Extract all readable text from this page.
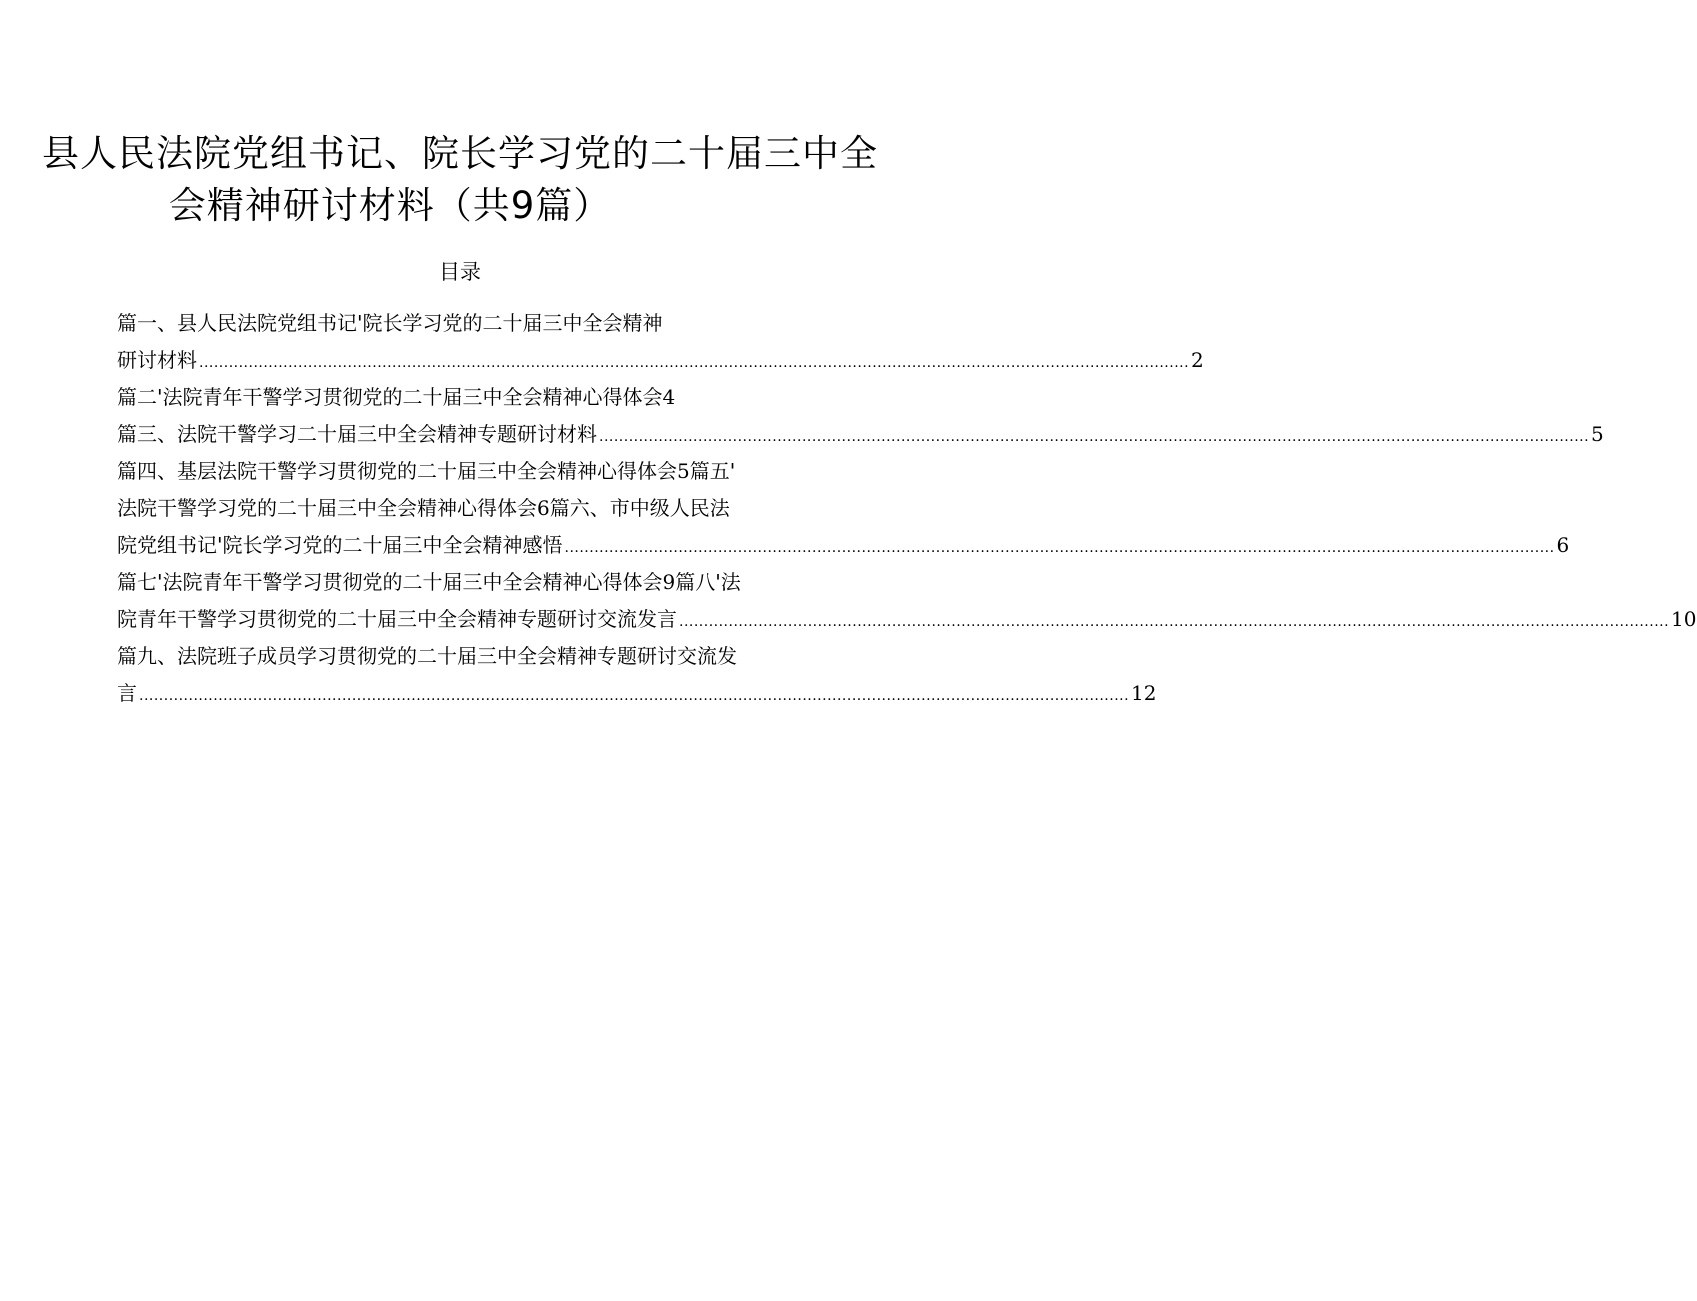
县人民法院党组书记、院长学习党的二十届三中全
会精神研讨材料（共9篇）
目录
篇一、县人民法院党组书记'院长学习党的二十届三中全会精神
研讨材料 ........................................................................................................................................................................................................ 2
篇二'法院青年干警学习贯彻党的二十届三中全会精神心得体会 4
篇三、法院干警学习二十届三中全会精神专题研讨材料 ........................................................................................................................................................................................................ 5
篇四、基层法院干警学习贯彻党的二十届三中全会精神心得体会 5 篇五'
法院干警学习党的二十届三中全会精神心得体会 6 篇六、市中级人民法
院党组书记'院长学习党的二十届三中全会精神感悟 ........................................................................................................................................................................................................ 6
篇七'法院青年干警学习贯彻党的二十届三中全会精神心得体会 9 篇八'法
院青年干警学习贯彻党的二十届三中全会精神专题研讨交流发言 ........................................................................................................................................................................................................ 10
篇九、法院班子成员学习贯彻党的二十届三中全会精神专题研讨交流发
言 ........................................................................................................................................................................................................ 12
